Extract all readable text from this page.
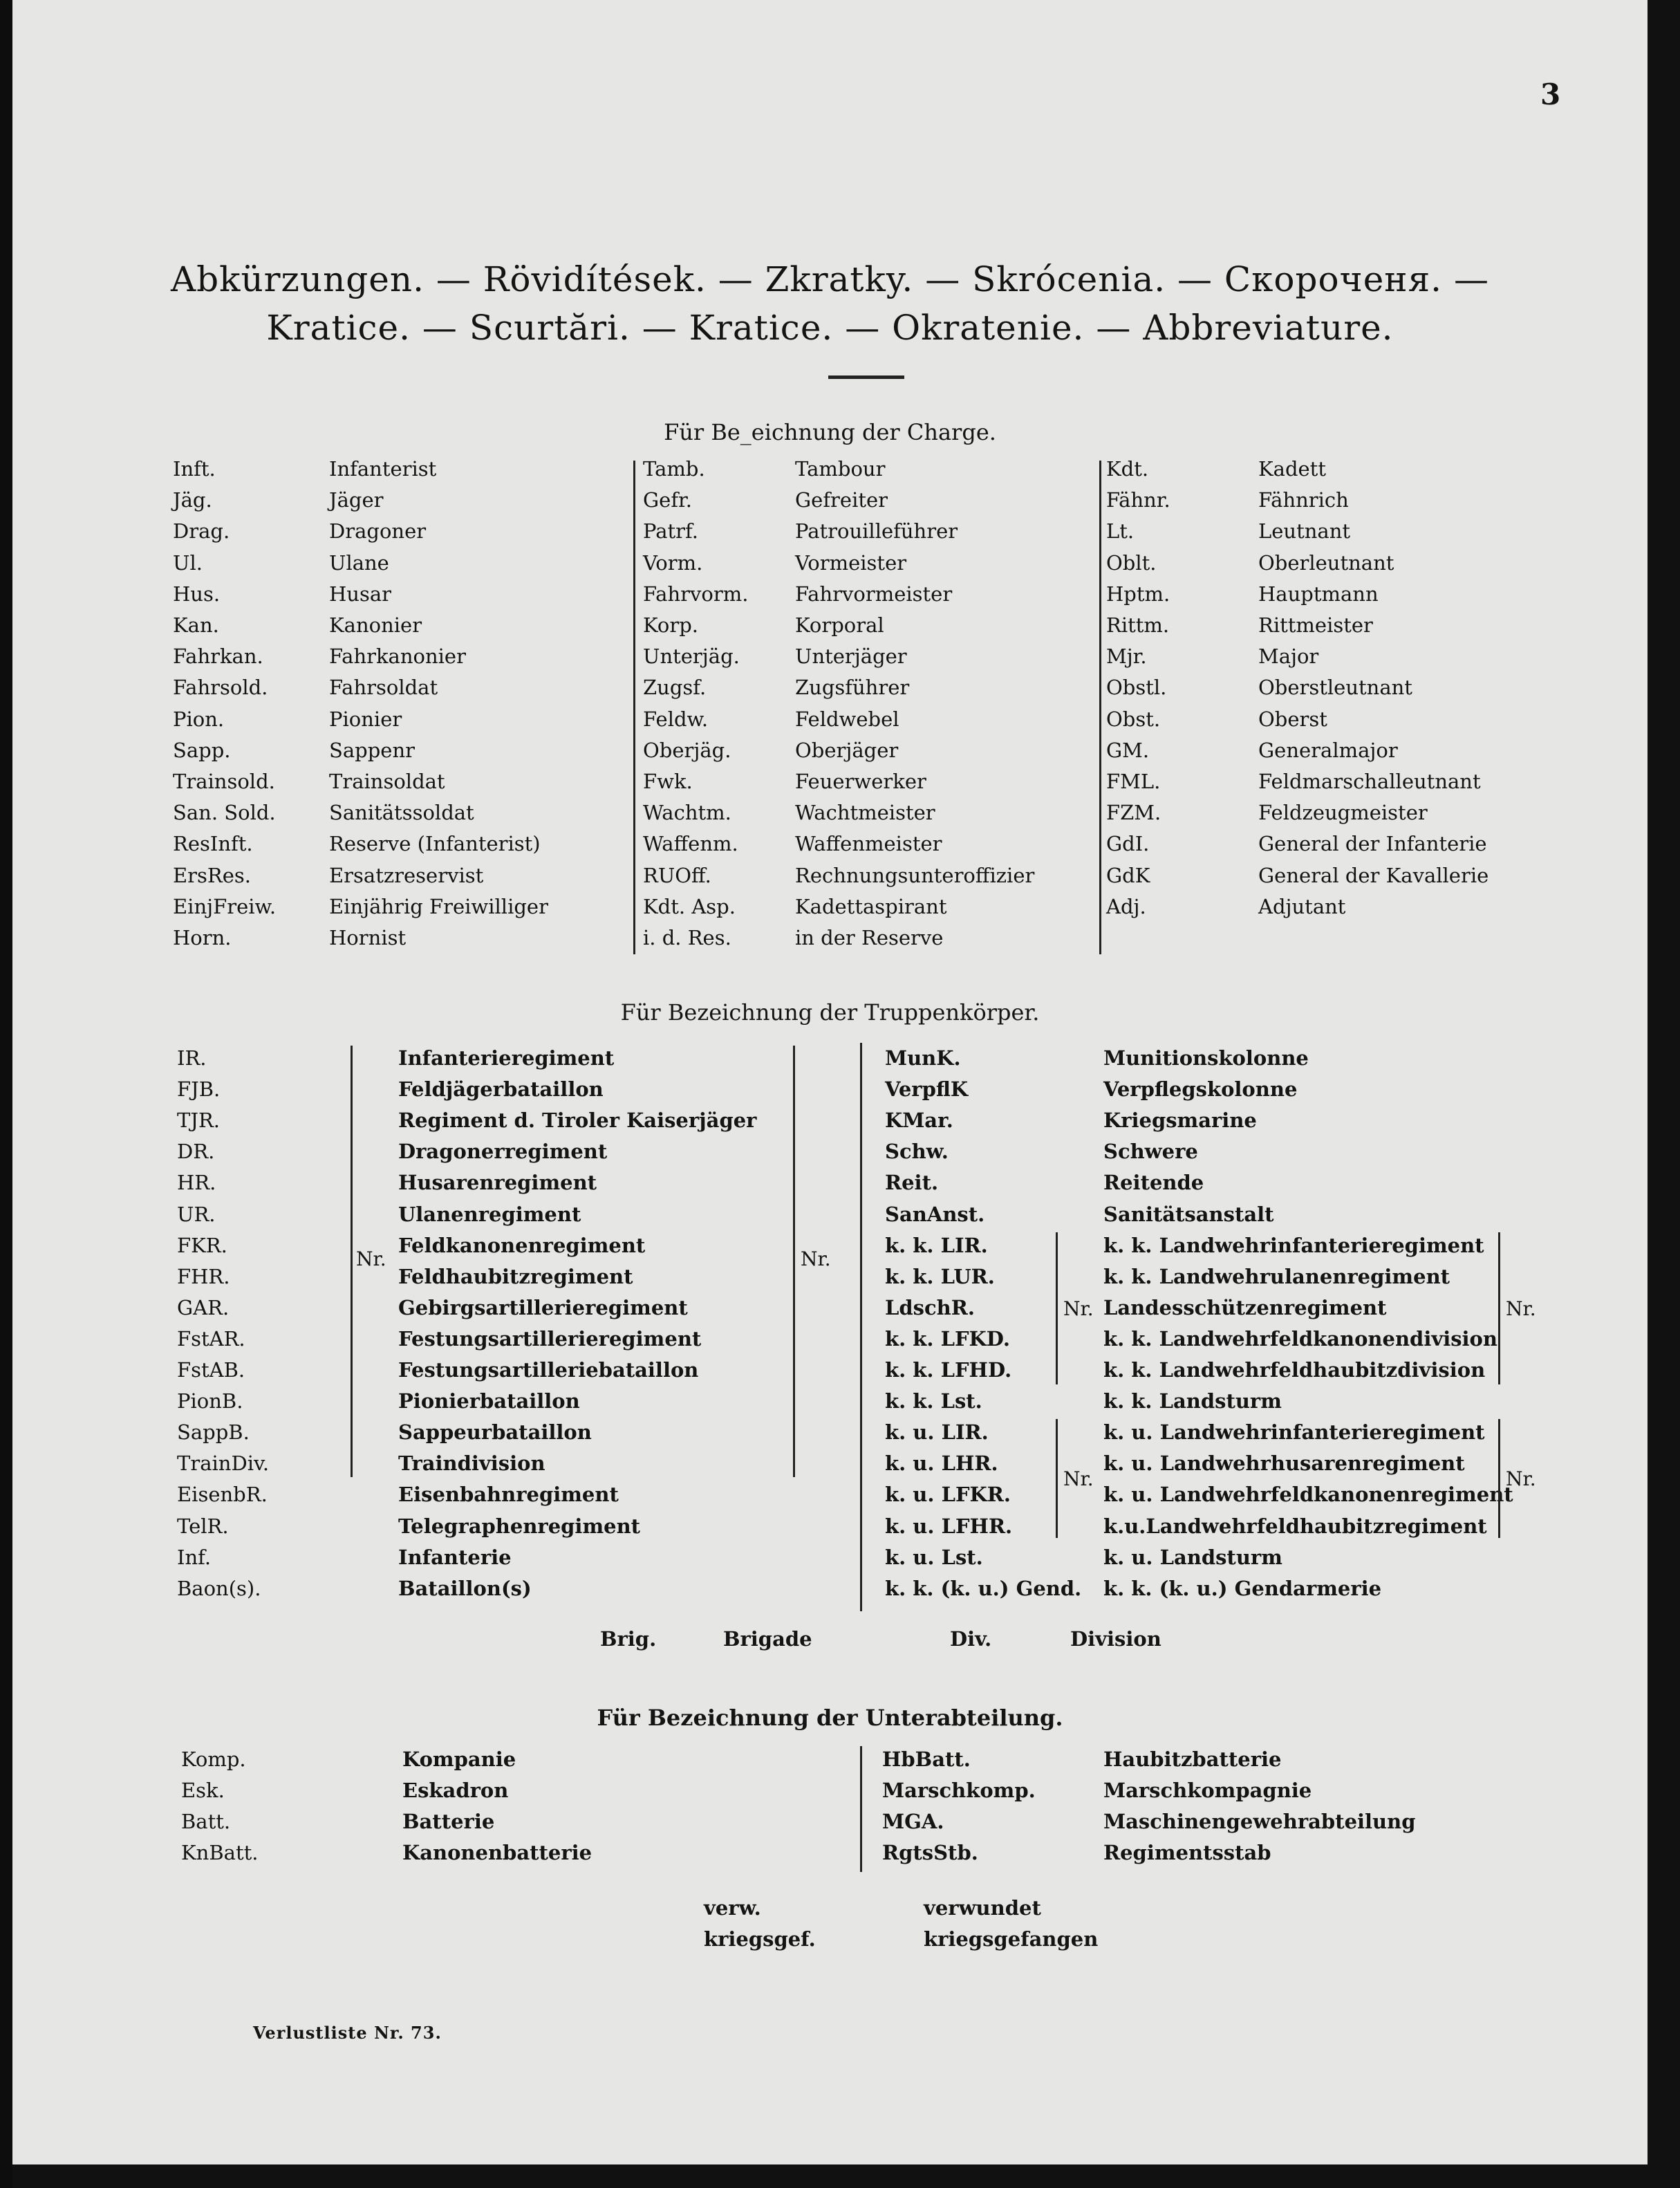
3
Abkürzungen. — Rövidítések. — Zkratky. — Skrócenia. — Скороченя. —
Kratice. — Scurtări. — Kratice. — Okratenie. — Abbreviature.
Für Be_eichnung der Charge.
Inft.	Infanterist
Jäg.	Jäger
Drag.	Dragoner
Ul.	Ulane
Hus.	Husar
Kan.	Kanonier
Fahrkan.	Fahrkanonier
Fahrsold.	Fahrsoldat
Pion.	Pionier
Sapp.	Sappenr
Trainsold.	Trainsoldat
San. Sold.	Sanitätssoldat
ResInft.	Reserve (Infanterist)
ErsRes.	Ersatzreservist
EinjFreiw.	Einjährig Freiwilliger
Horn.	Hornist
Tamb.	Tambour
Gefr.	Gefreiter
Patrf.	Patrouilleführer
Vorm.	Vormeister
Fahrvorm. Fahrvormeister
Korp.	Korporal
Unterjäg.	Unterjäger
Zugsf.	Zugsführer
Feldw.	Feldwebel
Oberjäg.	Oberjäger
Fwk.	Feuerwerker
Wachtm.	Wachtmeister
Waffenm.	Waffenmeister
RUOff.	Rechnungsunteroffizier
Kdt. Asp.	Kadettaspirant
i. d. Res.	in der Reserve
Kdt.	Kadett
Fähnr.	Fähnrich
Lt.	Leutnant
Oblt.	Oberleutnant
Hptm.	Hauptmann
Rittm.	Rittmeister
Mjr.	Major
Obstl.	Oberstleutnant
Obst.	Oberst
GM.	Generalmajor
FML.	Feldmarschalleutnant
FZM.	Feldzeugmeister
GdI.	General der Infanterie
GdK	General der Kavallerie
Adj.	Adjutant
Für Bezeichnung der Truppenkörper.
IR.	Infanterieregiment
FJB.	Feldjägerbataillon
TJR.	Regiment d. Tiroler Kaiserjäger
DR.	Dragonerregiment
HR.	Husarenregiment
UR.	Ulanenregiment
FKR.	Feldkanonenregiment
FHR.	Feldhaubitzregiment
GAR.	Gebirgsartillerieregiment
FstAR.	Festungsartillerieregiment
FstAB.	Festungsartilleriebataillon
PionB.	Pionierbataillon
SappB.	Sappeurbataillon
TrainDiv.	Traindivision
EisenbR.	Eisenbahnregiment
TelR.	Telegraphenregiment
Inf.	Infanterie
Baon(s).	Bataillon(s)
MunK.	Munitionskolonne
VerpflK	Verpflegskolonne
KMar.	Kriegsmarine
Schw.	Schwere
Reit.	Reitende
SanAnst.	Sanitätsanstalt
k. k. LIR.	k. k. Landwehrinfanterieregiment
k. k. LUR.	k. k. Landwehrulanenregiment
LdschR.	Landesschützenregiment
k. k. LFKD.	k. k. Landwehrfeldkanonendivision
k. k. LFHD.	k. k. Landwehrfeldhaubitzdivision
k. k. Lst.	k. k. Landsturm
k. u. LIR.	k. u. Landwehrinfanterieregiment
k. u. LHR.	k. u. Landwehrhusarenregiment
k. u. LFKR.	k. u. Landwehrfeldkanonenregiment
k. u. LFHR.	k.u.Landwehrfeldhaubitzregiment
k. u. Lst.	k. u. Landsturm
k. k. (k. u.) Gend. k. k. (k. u.) Gendarmerie
Nr.	Nr.
Nr.	Nr.
Nr.	Nr.
Brig.	Brigade	Div.	Division
Für Bezeichnung der Unterabteilung.
Komp.	Kompanie
Esk.	Eskadron
Batt.	Batterie
KnBatt.	Kanonenbatterie
HbBatt.	Haubitzbatterie
Marschkomp.	Marschkompagnie
MGA.	Maschinengewehrabteilung
RgtsStb.	Regimentsstab
verw.	verwundet
kriegsgef.	kriegsgefangen
Verlustliste Nr. 73.
